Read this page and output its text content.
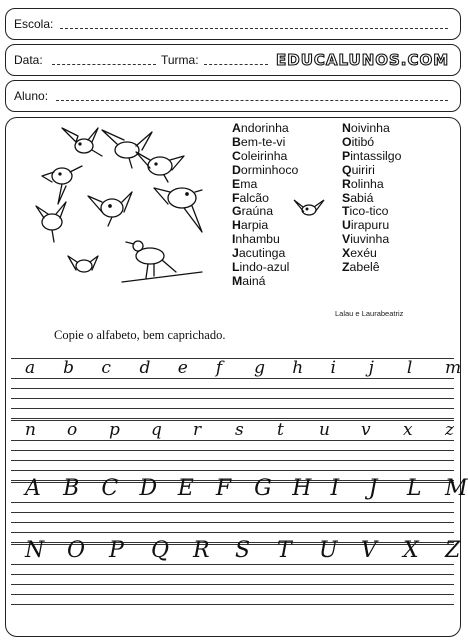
Escola:
Data:	Turma:	EDUCALUNOS.COM
Aluno:
Andorinha
Bem-te-vi
Coleirinha
Dorminhoco
Ema
Falcão
Graúna
Harpia
Inhambu
Jacutinga
Lindo-azul
Mainá
Noivinha
Oitibó
Pintassilgo
Quiriri
Rolinha
Sabiá
Tico-tico
Uirapuru
Viuvinha
Xexéu
Zabelê
Lalau e Laurabeatriz
Copie o alfabeto, bem caprichado.
a b c d e f g h i j l m
n o p q r s t u v x z
A B C D E F G H I J L M
N O P Q R S T U V X Z
